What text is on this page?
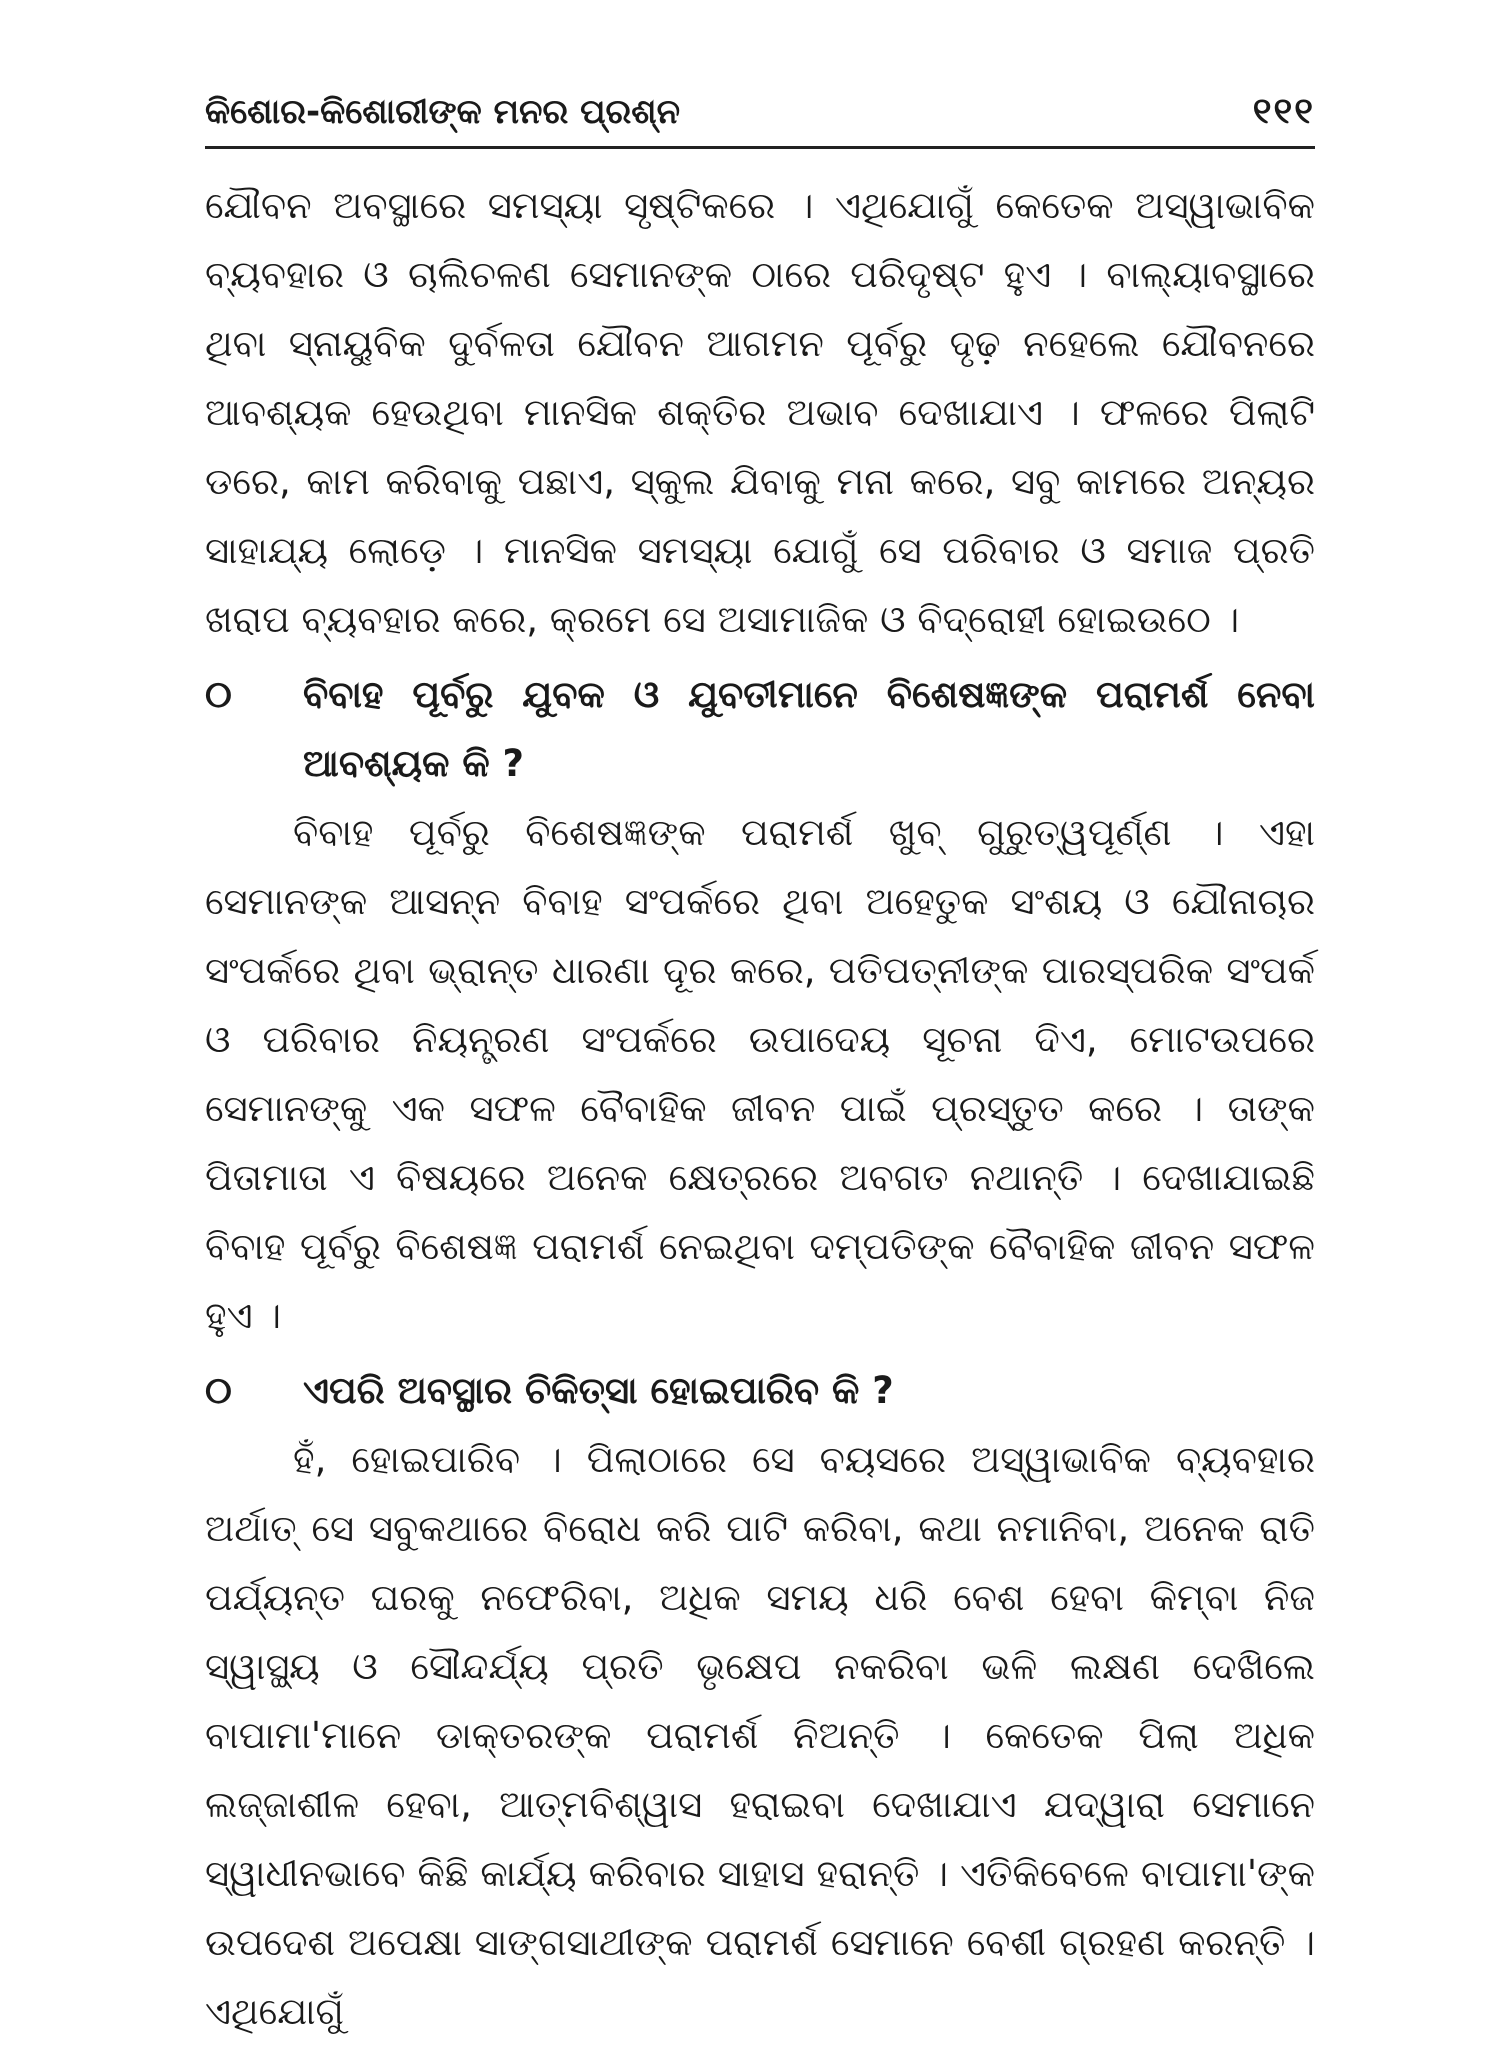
କିଶୋର-କିଶୋରୀଙ୍କ ମନର ପ୍ରଶ୍ନ	୧୧୧

ଯୌବନ ଅବସ୍ଥାରେ ସମସ୍ୟା ସୃଷ୍ଟିକରେ । ଏଥିଯୋଗୁଁ କେତେକ ଅସ୍ୱାଭାବିକ ବ୍ୟବହାର ଓ ଚାଲିଚଳଣ ସେମାନଙ୍କ ଠାରେ ପରିଦୃଷ୍ଟ ହୁଏ । ବାଲ୍ୟାବସ୍ଥାରେ ଥିବା ସ୍ନାୟୁବିକ ଦୁର୍ବଳତା ଯୌବନ ଆଗମନ ପୂର୍ବରୁ ଦୃଢ଼ ନହେଲେ ଯୌବନରେ ଆବଶ୍ୟକ ହେଉଥିବା ମାନସିକ ଶକ୍ତିର ଅଭାବ ଦେଖାଯାଏ । ଫଳରେ ପିଲାଟି ଡରେ, କାମ କରିବାକୁ ପଛାଏ, ସ୍କୁଲ ଯିବାକୁ ମନା କରେ, ସବୁ କାମରେ ଅନ୍ୟର ସାହାଯ୍ୟ ଲୋଡ଼େ । ମାନସିକ ସମସ୍ୟା ଯୋଗୁଁ ସେ ପରିବାର ଓ ସମାଜ ପ୍ରତି ଖରାପ ବ୍ୟବହାର କରେ, କ୍ରମେ ସେ ଅସାମାଜିକ ଓ ବିଦ୍ରୋହୀ ହୋଇଉଠେ ।

୦	ବିବାହ ପୂର୍ବରୁ ଯୁବକ ଓ ଯୁବତୀମାନେ ବିଶେଷଜ୍ଞଙ୍କ ପରାମର୍ଶ ନେବା ଆବଶ୍ୟକ କି ?

ବିବାହ ପୂର୍ବରୁ ବିଶେଷଜ୍ଞଙ୍କ ପରାମର୍ଶ ଖୁବ୍ ଗୁରୁତ୍ୱପୂର୍ଣ୍ଣ । ଏହା ସେମାନଙ୍କ ଆସନ୍ନ ବିବାହ ସଂପର୍କରେ ଥିବା ଅହେତୁକ ସଂଶୟ ଓ ଯୌନାଚାର ସଂପର୍କରେ ଥିବା ଭ୍ରାନ୍ତ ଧାରଣା ଦୂର କରେ, ପତିପତ୍ନୀଙ୍କ ପାରସ୍ପରିକ ସଂପର୍କ ଓ ପରିବାର ନିୟନ୍ତ୍ରଣ ସଂପର୍କରେ ଉପାଦେୟ ସୂଚନା ଦିଏ, ମୋଟଉପରେ ସେମାନଙ୍କୁ ଏକ ସଫଳ ବୈବାହିକ ଜୀବନ ପାଇଁ ପ୍ରସ୍ତୁତ କରେ । ତାଙ୍କ ପିତାମାତା ଏ ବିଷୟରେ ଅନେକ କ୍ଷେତ୍ରରେ ଅବଗତ ନଥାନ୍ତି । ଦେଖାଯାଇଛି ବିବାହ ପୂର୍ବରୁ ବିଶେଷଜ୍ଞ ପରାମର୍ଶ ନେଇଥିବା ଦମ୍ପତିଙ୍କ ବୈବାହିକ ଜୀବନ ସଫଳ ହୁଏ ।

୦	ଏପରି ଅବସ୍ଥାର ଚିକିତ୍ସା ହୋଇପାରିବ କି ?

ହଁ, ହୋଇପାରିବ । ପିଲାଠାରେ ସେ ବୟସରେ ଅସ୍ୱାଭାବିକ ବ୍ୟବହାର ଅର୍ଥାତ୍ ସେ ସବୁକଥାରେ ବିରୋଧ କରି ପାଟି କରିବା, କଥା ନମାନିବା, ଅନେକ ରାତି ପର୍ଯ୍ୟନ୍ତ ଘରକୁ ନଫେରିବା, ଅଧିକ ସମୟ ଧରି ବେଶ ହେବା କିମ୍ବା ନିଜ ସ୍ୱାସ୍ଥ୍ୟ ଓ ସୌନ୍ଦର୍ଯ୍ୟ ପ୍ରତି ଭୃକ୍ଷେପ ନକରିବା ଭଳି ଲକ୍ଷଣ ଦେଖିଲେ ବାପାମା'ମାନେ ଡାକ୍ତରଙ୍କ ପରାମର୍ଶ ନିଅନ୍ତି । କେତେକ ପିଲା ଅଧିକ ଲଜ୍ଜାଶୀଳ ହେବା, ଆତ୍ମବିଶ୍ୱାସ ହରାଇବା ଦେଖାଯାଏ ଯଦ୍ୱାରା ସେମାନେ ସ୍ୱାଧୀନଭାବେ କିଛି କାର୍ଯ୍ୟ କରିବାର ସାହାସ ହରାନ୍ତି । ଏତିକିବେଳେ ବାପାମା'ଙ୍କ ଉପଦେଶ ଅପେକ୍ଷା ସାଙ୍ଗସାଥୀଙ୍କ ପରାମର୍ଶ ସେମାନେ ବେଶୀ ଗ୍ରହଣ କରନ୍ତି । ଏଥିଯୋଗୁଁ
